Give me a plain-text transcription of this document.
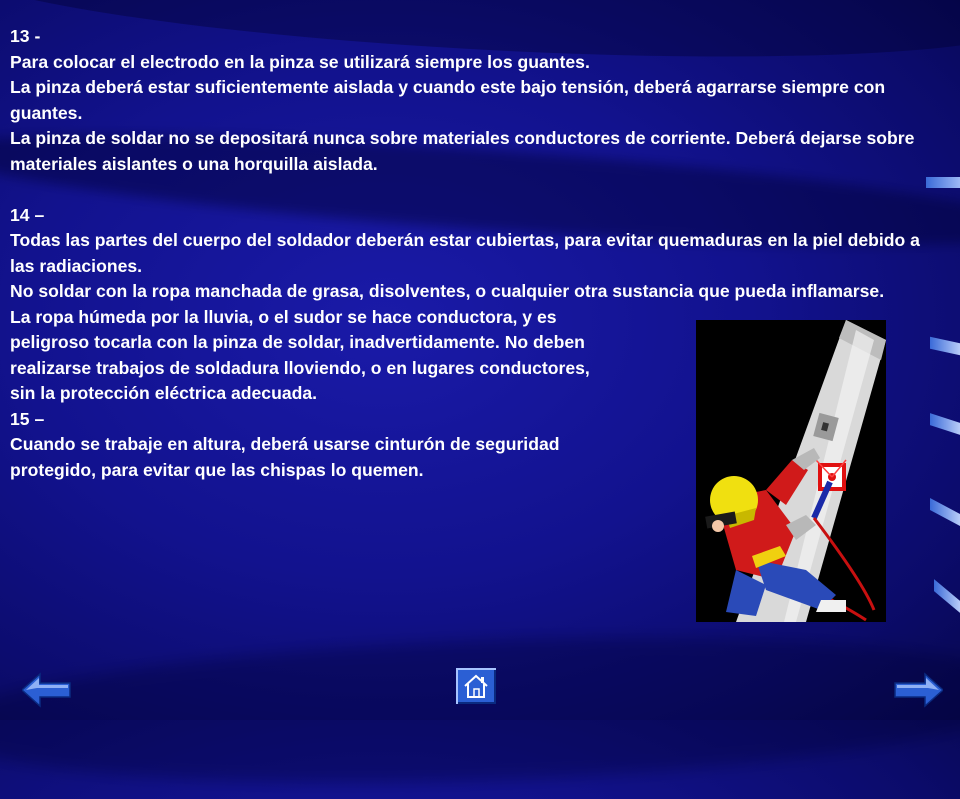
13 -

Para colocar el electrodo en la pinza se utilizará siempre los guantes.

La pinza deberá estar suficientemente aislada y cuando este bajo tensión, deberá agarrarse siempre con guantes.

La pinza de soldar no se depositará nunca sobre materiales conductores de corriente. Deberá dejarse sobre materiales aislantes o una horquilla aislada.

14 –

Todas las partes del cuerpo del soldador deberán estar cubiertas, para evitar quemaduras en la piel debido a las radiaciones.

No soldar con la ropa manchada de grasa, disolventes, o cualquier otra sustancia que pueda inflamarse.

La ropa húmeda por la lluvia, o el sudor se hace conductora, y es

peligroso tocarla con la pinza de soldar, inadvertidamente. No deben

realizarse trabajos de soldadura lloviendo, o en lugares conductores,

sin la protección eléctrica adecuada.

15 –

Cuando se trabaje en altura, deberá usarse cinturón de seguridad

protegido, para evitar que las chispas lo quemen.
